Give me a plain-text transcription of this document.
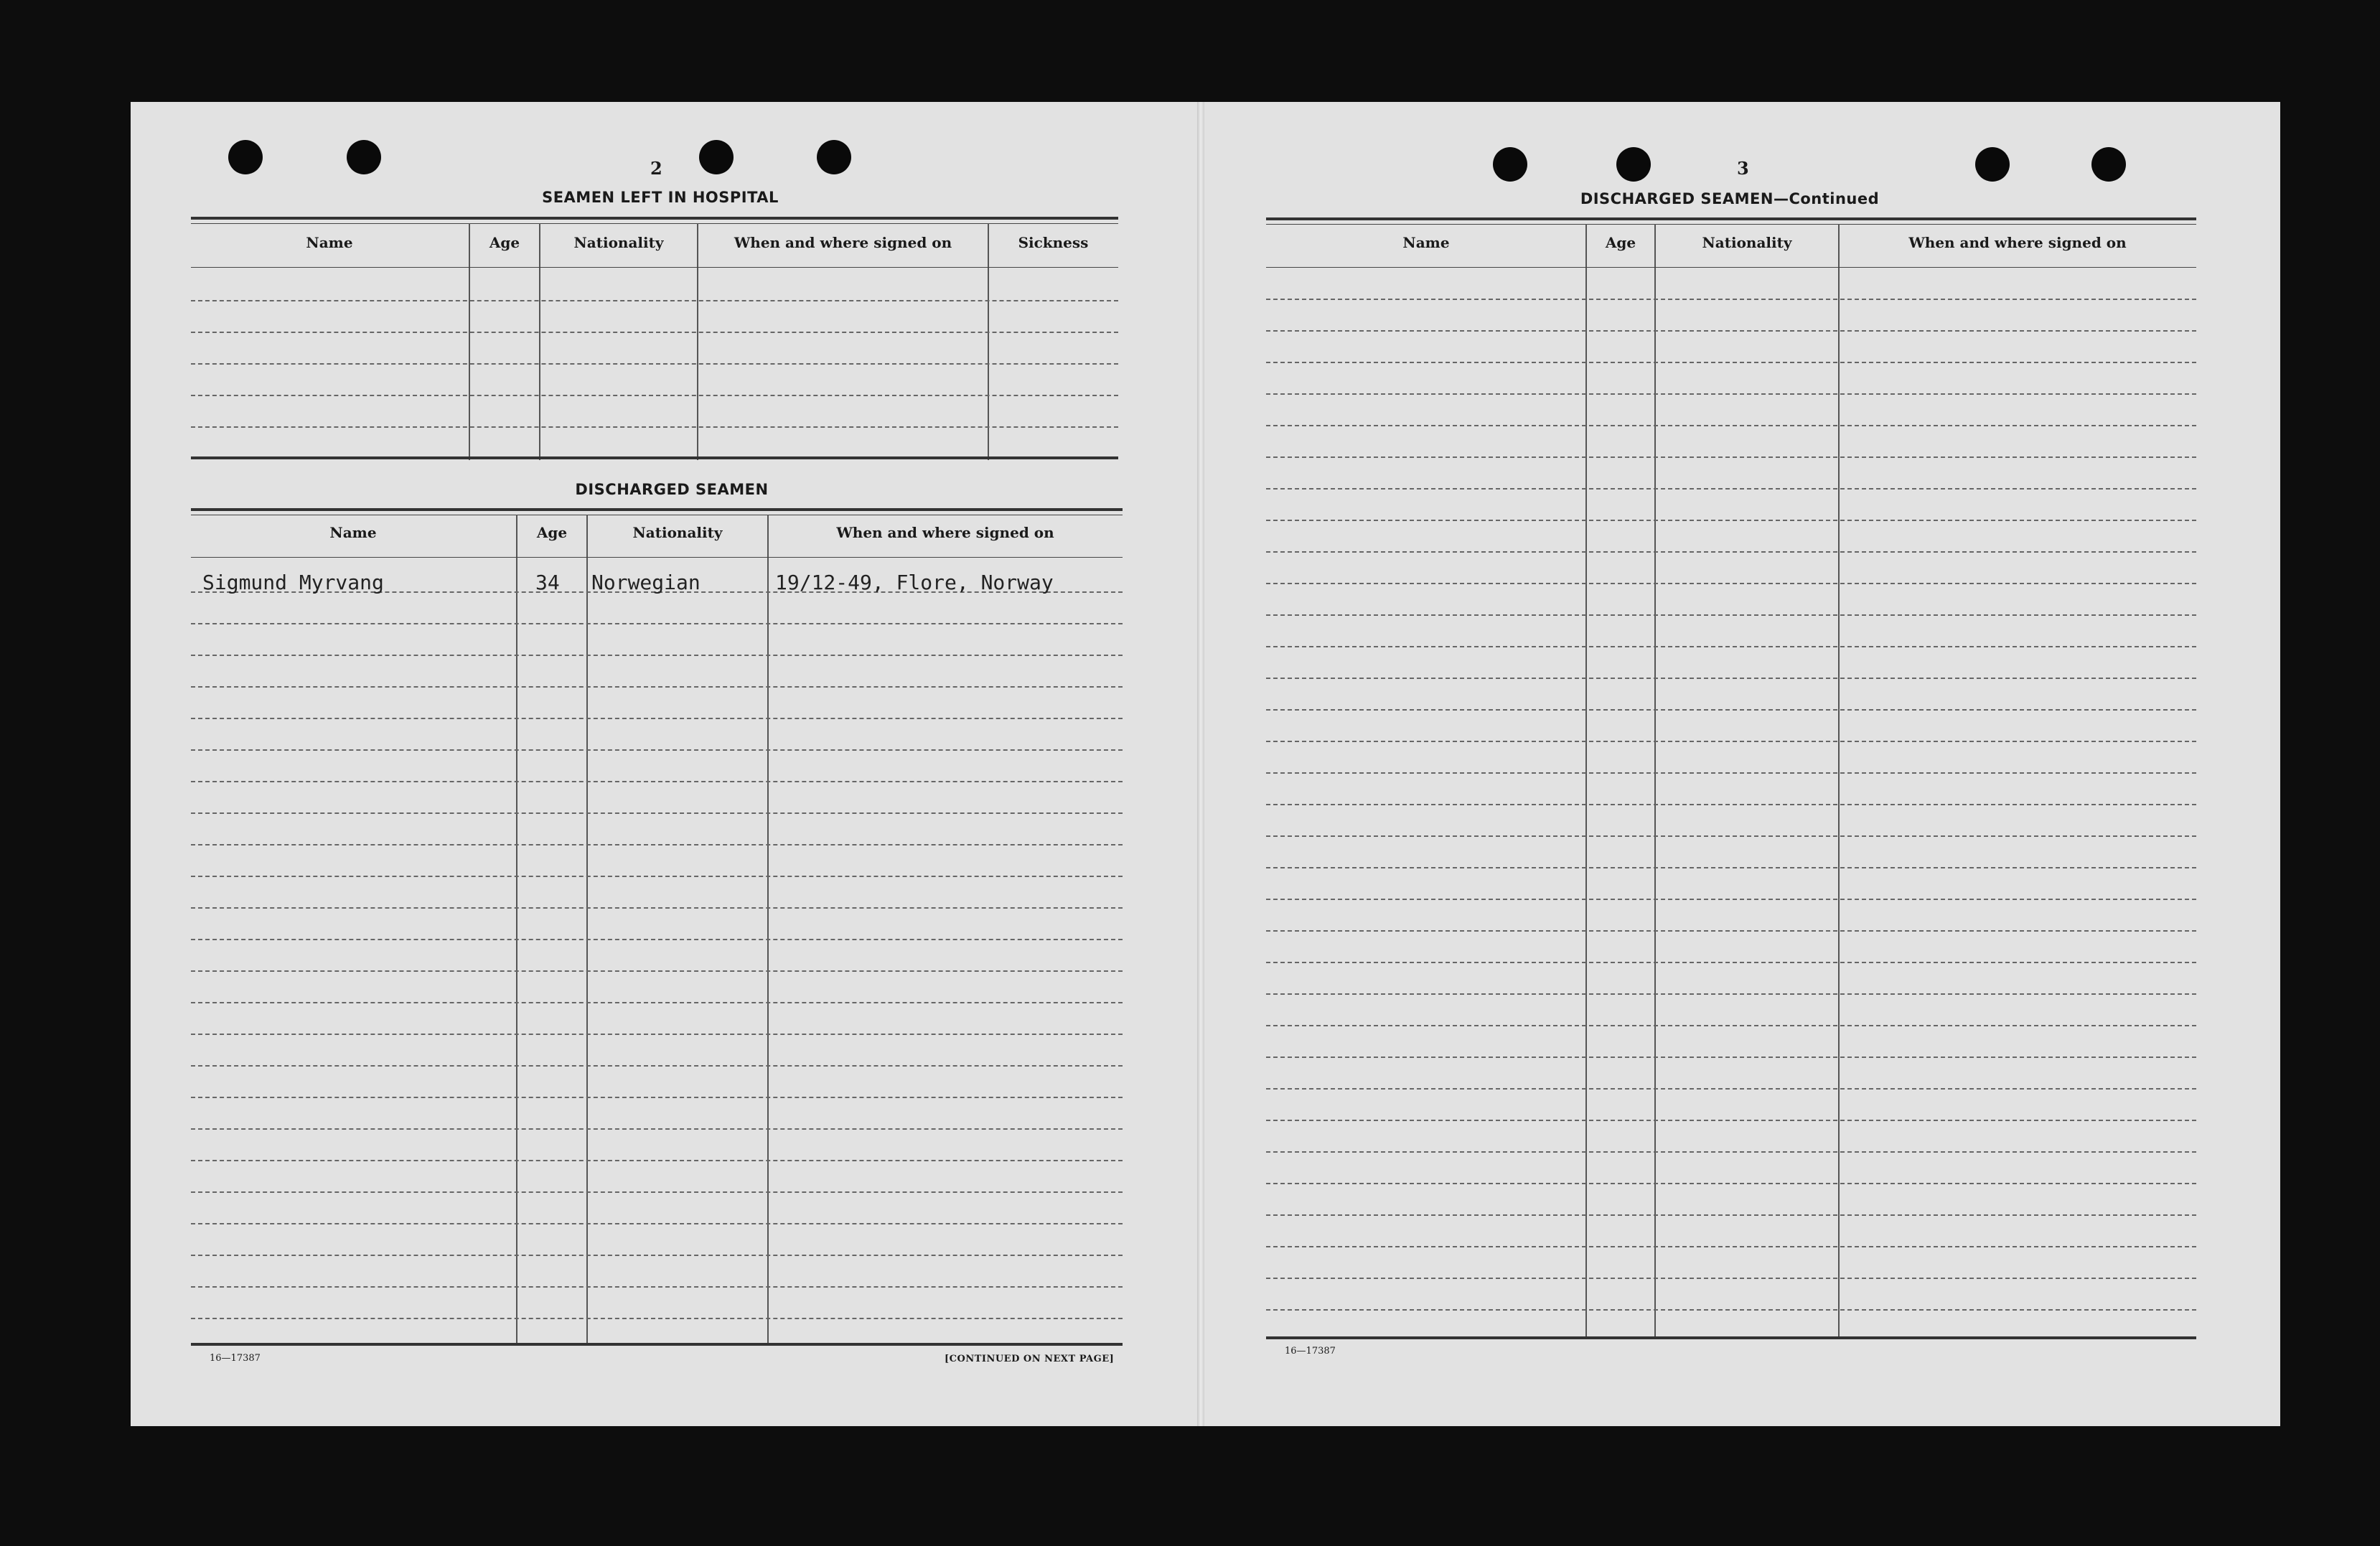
2
SEAMEN LEFT IN HOSPITAL
Name	Age	Nationality	When and where signed on	Sickness
DISCHARGED SEAMEN
Name	Age	Nationality	When and where signed on
Sigmund Myrvang	34 Norwegian	19/12-49, Flore, Norway
16—17387	[CONTINUED ON NEXT PAGE]
3
DISCHARGED SEAMEN—Continued
Name	Age	Nationality	When and where signed on
16—17387
